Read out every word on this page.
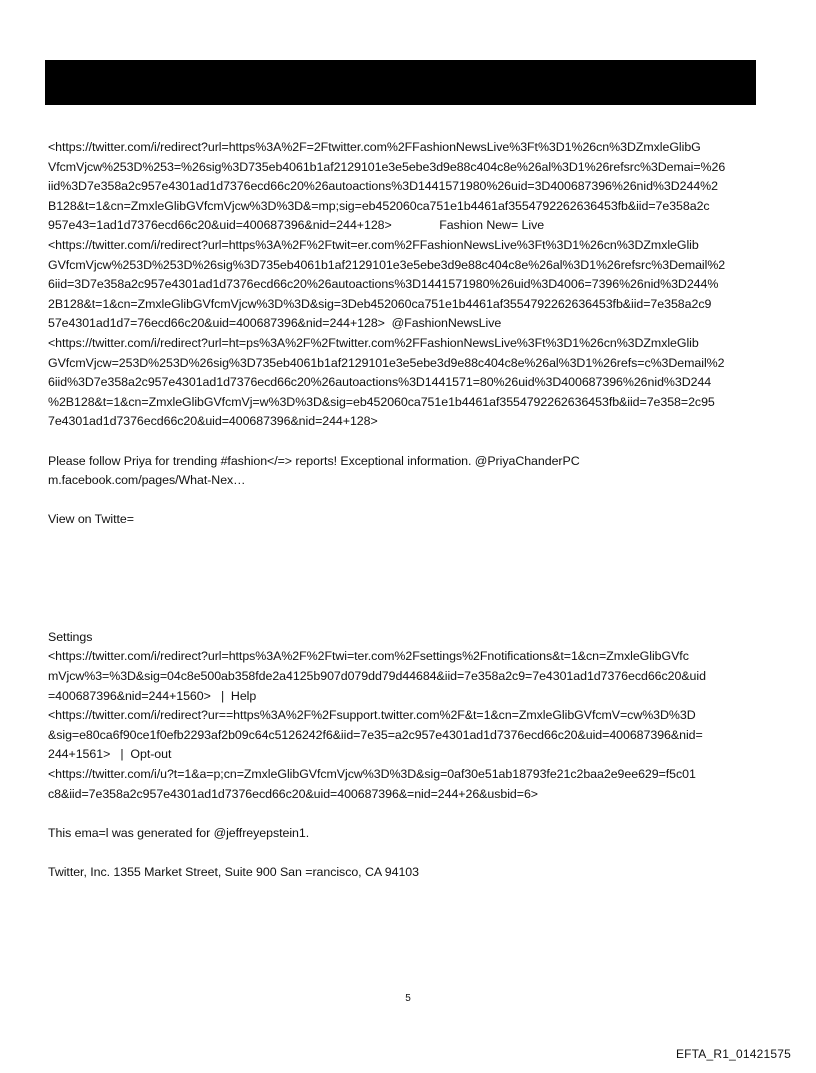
<https://twitter.com/i/redirect?url=https%3A%2F=2Ftwitter.com%2FFashionNewsLive%3Ft%3D1%26cn%3DZmxleGlibG
VfcmVjcw%253D%253=%26sig%3D735eb4061b1af2129101e3e5ebe3d9e88c404c8e%26al%3D1%26refsrc%3Demai=%26
iid%3D7e358a2c957e4301ad1d7376ecd66c20%26autoactions%3D1441571980%26uid=3D400687396%26nid%3D244%2
B128&t=1&cn=ZmxleGlibGVfcmVjcw%3D%3D&=mp;sig=eb452060ca751e1b4461af3554792262636453fb&iid=7e358a2c
957e43=1ad1d7376ecd66c20&uid=400687396&nid=244+128>              Fashion New= Live
<https://twitter.com/i/redirect?url=https%3A%2F%2Ftwit=er.com%2FFashionNewsLive%3Ft%3D1%26cn%3DZmxleGlib
GVfcmVjcw%253D%253D%26sig%3D735eb4061b1af2129101e3e5ebe3d9e88c404c8e%26al%3D1%26refsrc%3Demail%2
6iid=3D7e358a2c957e4301ad1d7376ecd66c20%26autoactions%3D1441571980%26uid%3D4006=7396%26nid%3D244%
2B128&t=1&cn=ZmxleGlibGVfcmVjcw%3D%3D&sig=3Deb452060ca751e1b4461af3554792262636453fb&iid=7e358a2c9
57e4301ad1d7=76ecd66c20&uid=400687396&nid=244+128>  @FashionNewsLive
<https://twitter.com/i/redirect?url=ht=ps%3A%2F%2Ftwitter.com%2FFashionNewsLive%3Ft%3D1%26cn%3DZmxleGlib
GVfcmVjcw=253D%253D%26sig%3D735eb4061b1af2129101e3e5ebe3d9e88c404c8e%26al%3D1%26refs=c%3Demail%2
6iid%3D7e358a2c957e4301ad1d7376ecd66c20%26autoactions%3D1441571=80%26uid%3D400687396%26nid%3D244
%2B128&t=1&cn=ZmxleGlibGVfcmVj=w%3D%3D&sig=eb452060ca751e1b4461af3554792262636453fb&iid=7e358=2c95
7e4301ad1d7376ecd66c20&uid=400687396&nid=244+128>
Please follow Priya for trending #fashion</=> reports! Exceptional information. @PriyaChanderPC
m.facebook.com/pages/What-Nex…
View on Twitte=
Settings
<https://twitter.com/i/redirect?url=https%3A%2F%2Ftwi=ter.com%2Fsettings%2Fnotifications&t=1&cn=ZmxleGlibGVfc
mVjcw%3=%3D&sig=04c8e500ab358fde2a4125b907d079dd79d44684&iid=7e358a2c9=7e4301ad1d7376ecd66c20&uid
=400687396&nid=244+1560>   |  Help
<https://twitter.com/i/redirect?ur==https%3A%2F%2Fsupport.twitter.com%2F&t=1&cn=ZmxleGlibGVfcmV=cw%3D%3D
&sig=e80ca6f90ce1f0efb2293af2b09c64c5126242f6&iid=7e35=a2c957e4301ad1d7376ecd66c20&uid=400687396&nid=
244+1561>   |  Opt-out
<https://twitter.com/i/u?t=1&a=p;cn=ZmxleGlibGVfcmVjcw%3D%3D&sig=0af30e51ab18793fe21c2baa2e9ee629=f5c01
c8&iid=7e358a2c957e4301ad1d7376ecd66c20&uid=400687396&=nid=244+26&usbid=6>
This ema=l was generated for @jeffreyepstein1.
Twitter, Inc. 1355 Market Street, Suite 900 San =rancisco, CA 94103
5
EFTA_R1_01421575
